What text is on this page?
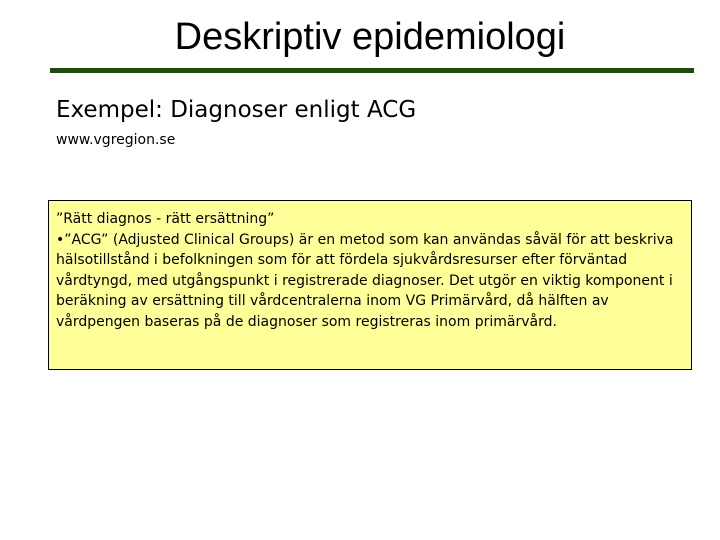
Deskriptiv epidemiologi
Exempel: Diagnoser enligt ACG
www.vgregion.se

”Rätt diagnos - rätt ersättning”

•”ACG” (Adjusted Clinical Groups) är en metod som kan användas såväl för att beskriva hälsotillstånd i befolkningen som för att fördela sjukvårdsresurser efter förväntad vårdtyngd, med utgångspunkt i registrerade diagnoser. Det utgör en viktig komponent i beräkning av ersättning till vårdcentralerna inom VG Primärvård, då hälften av vårdpengen baseras på de diagnoser som registreras inom primärvård.
